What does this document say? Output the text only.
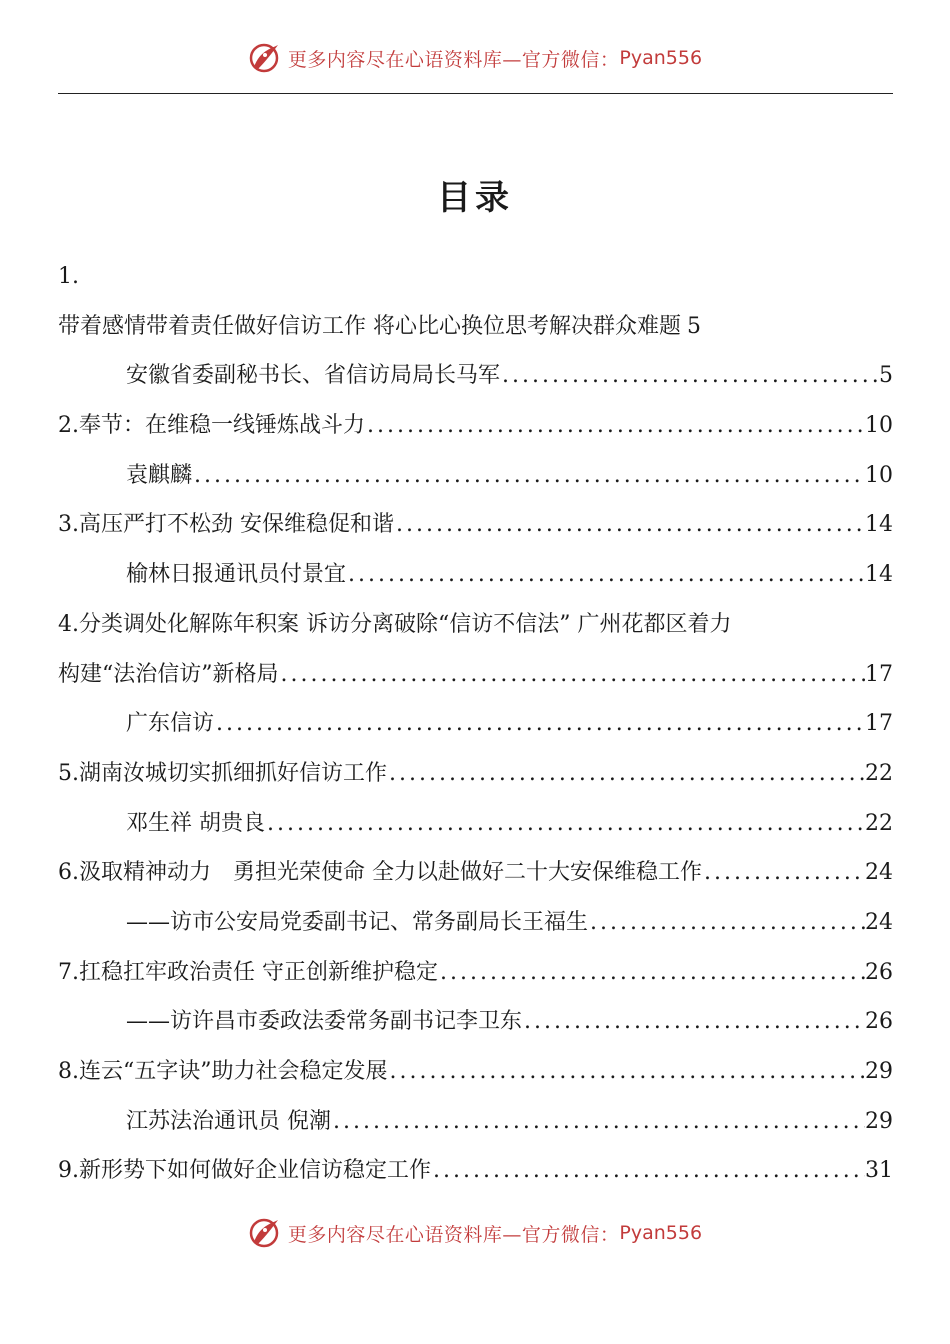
更多内容尽在心语资料库—官方微信： Pyan556
目录
1.
带着感情带着责任做好信访工作 将心比心换位思考解决群众难题 5
安徽省委副秘书长、省信访局局长马军 .....	5
2.奉节：在维稳一线锤炼战斗力 .....	10
袁麒麟 .....	10
3.高压严打不松劲 安保维稳促和谐 .....	14
榆林日报通讯员付景宜 .....	14
4.分类调处化解陈年积案 诉访分离破除“信访不信法” 广州花都区着力
构建“法治信访”新格局 .....	17
广东信访 .....	17
5.湖南汝城切实抓细抓好信访工作 .....	22
邓生祥 胡贵良 .....	22
6.汲取精神动力　勇担光荣使命 全力以赴做好二十大安保维稳工作 .....	24
——访市公安局党委副书记、常务副局长王福生 .....	24
7.扛稳扛牢政治责任 守正创新维护稳定 .....	26
——访许昌市委政法委常务副书记李卫东 .....	26
8.连云“五字诀”助力社会稳定发展 .....	29
江苏法治通讯员 倪潮 .....	29
9.新形势下如何做好企业信访稳定工作 .....	31
更多内容尽在心语资料库—官方微信： Pyan556
